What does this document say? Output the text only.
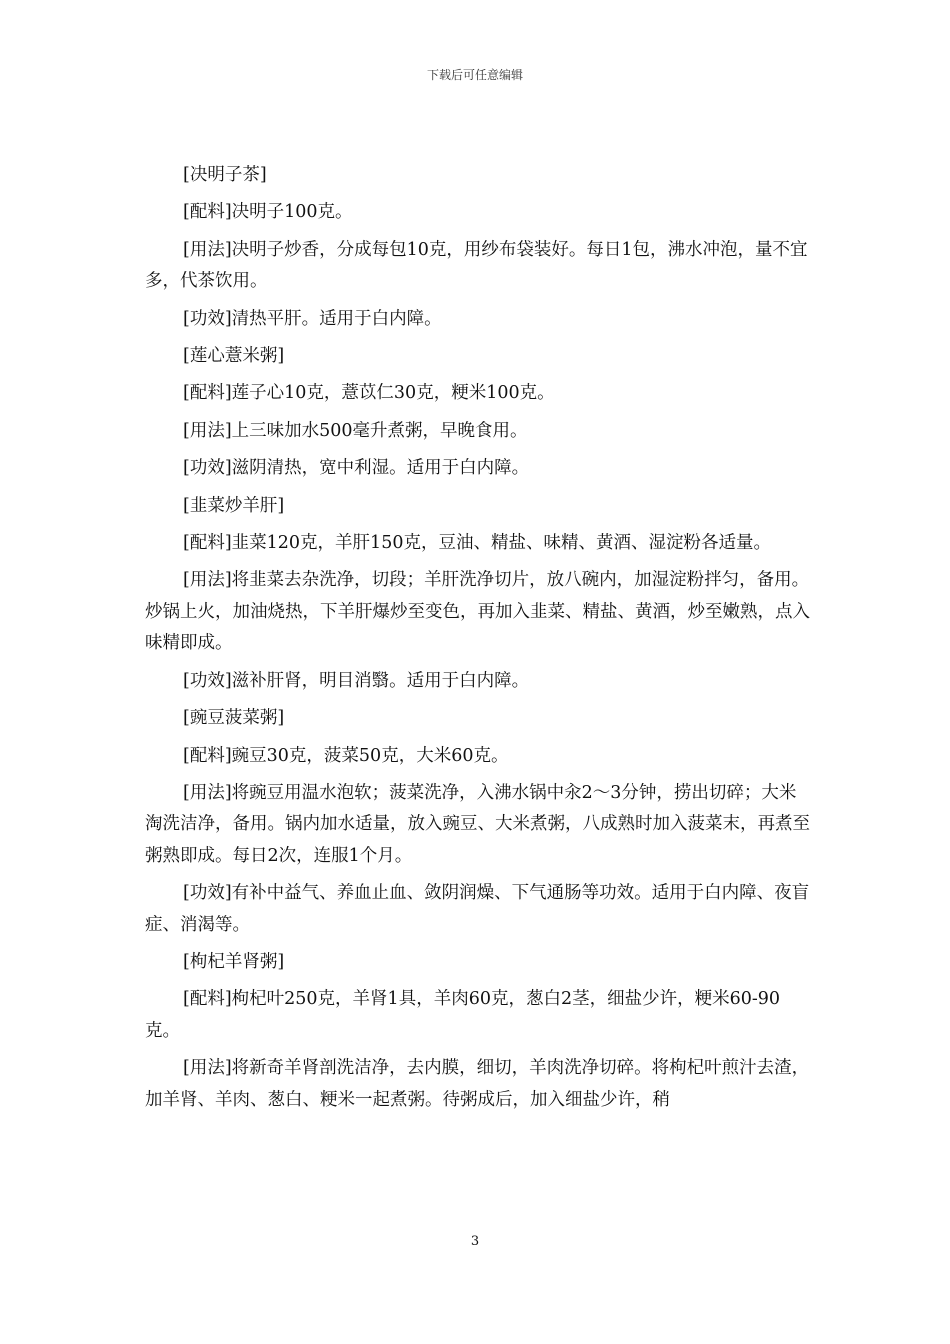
下载后可任意编辑

[决明子茶]

[配料]决明子100克。

[用法]决明子炒香，分成每包10克，用纱布袋装好。每日1包，沸水冲泡，量不宜多，代茶饮用。

[功效]清热平肝。适用于白内障。

[莲心薏米粥]

[配料]莲子心10克，薏苡仁30克，粳米100克。

[用法]上三味加水500毫升煮粥，早晚食用。

[功效]滋阴清热，宽中利湿。适用于白内障。

[韭菜炒羊肝]

[配料]韭菜120克，羊肝150克，豆油、精盐、味精、黄酒、湿淀粉各适量。

[用法]将韭菜去杂洗净，切段；羊肝洗净切片，放八碗内，加湿淀粉拌匀，备用。炒锅上火，加油烧热，下羊肝爆炒至变色，再加入韭菜、精盐、黄酒，炒至嫩熟，点入味精即成。

[功效]滋补肝肾，明目消翳。适用于白内障。

[豌豆菠菜粥]

[配料]豌豆30克，菠菜50克，大米60克。

[用法]将豌豆用温水泡软；菠菜洗净，入沸水锅中汆2～3分钟，捞出切碎；大米淘洗洁净，备用。锅内加水适量，放入豌豆、大米煮粥，八成熟时加入菠菜末，再煮至粥熟即成。每日2次，连服1个月。

[功效]有补中益气、养血止血、敛阴润燥、下气通肠等功效。适用于白内障、夜盲症、消渴等。

[枸杞羊肾粥]

[配料]枸杞叶250克，羊肾1具，羊肉60克，葱白2茎，细盐少许，粳米60-90克。

[用法]将新奇羊肾剖洗洁净，去内膜，细切，羊肉洗净切碎。将枸杞叶煎汁去渣，加羊肾、羊肉、葱白、粳米一起煮粥。待粥成后，加入细盐少许，稍

3
